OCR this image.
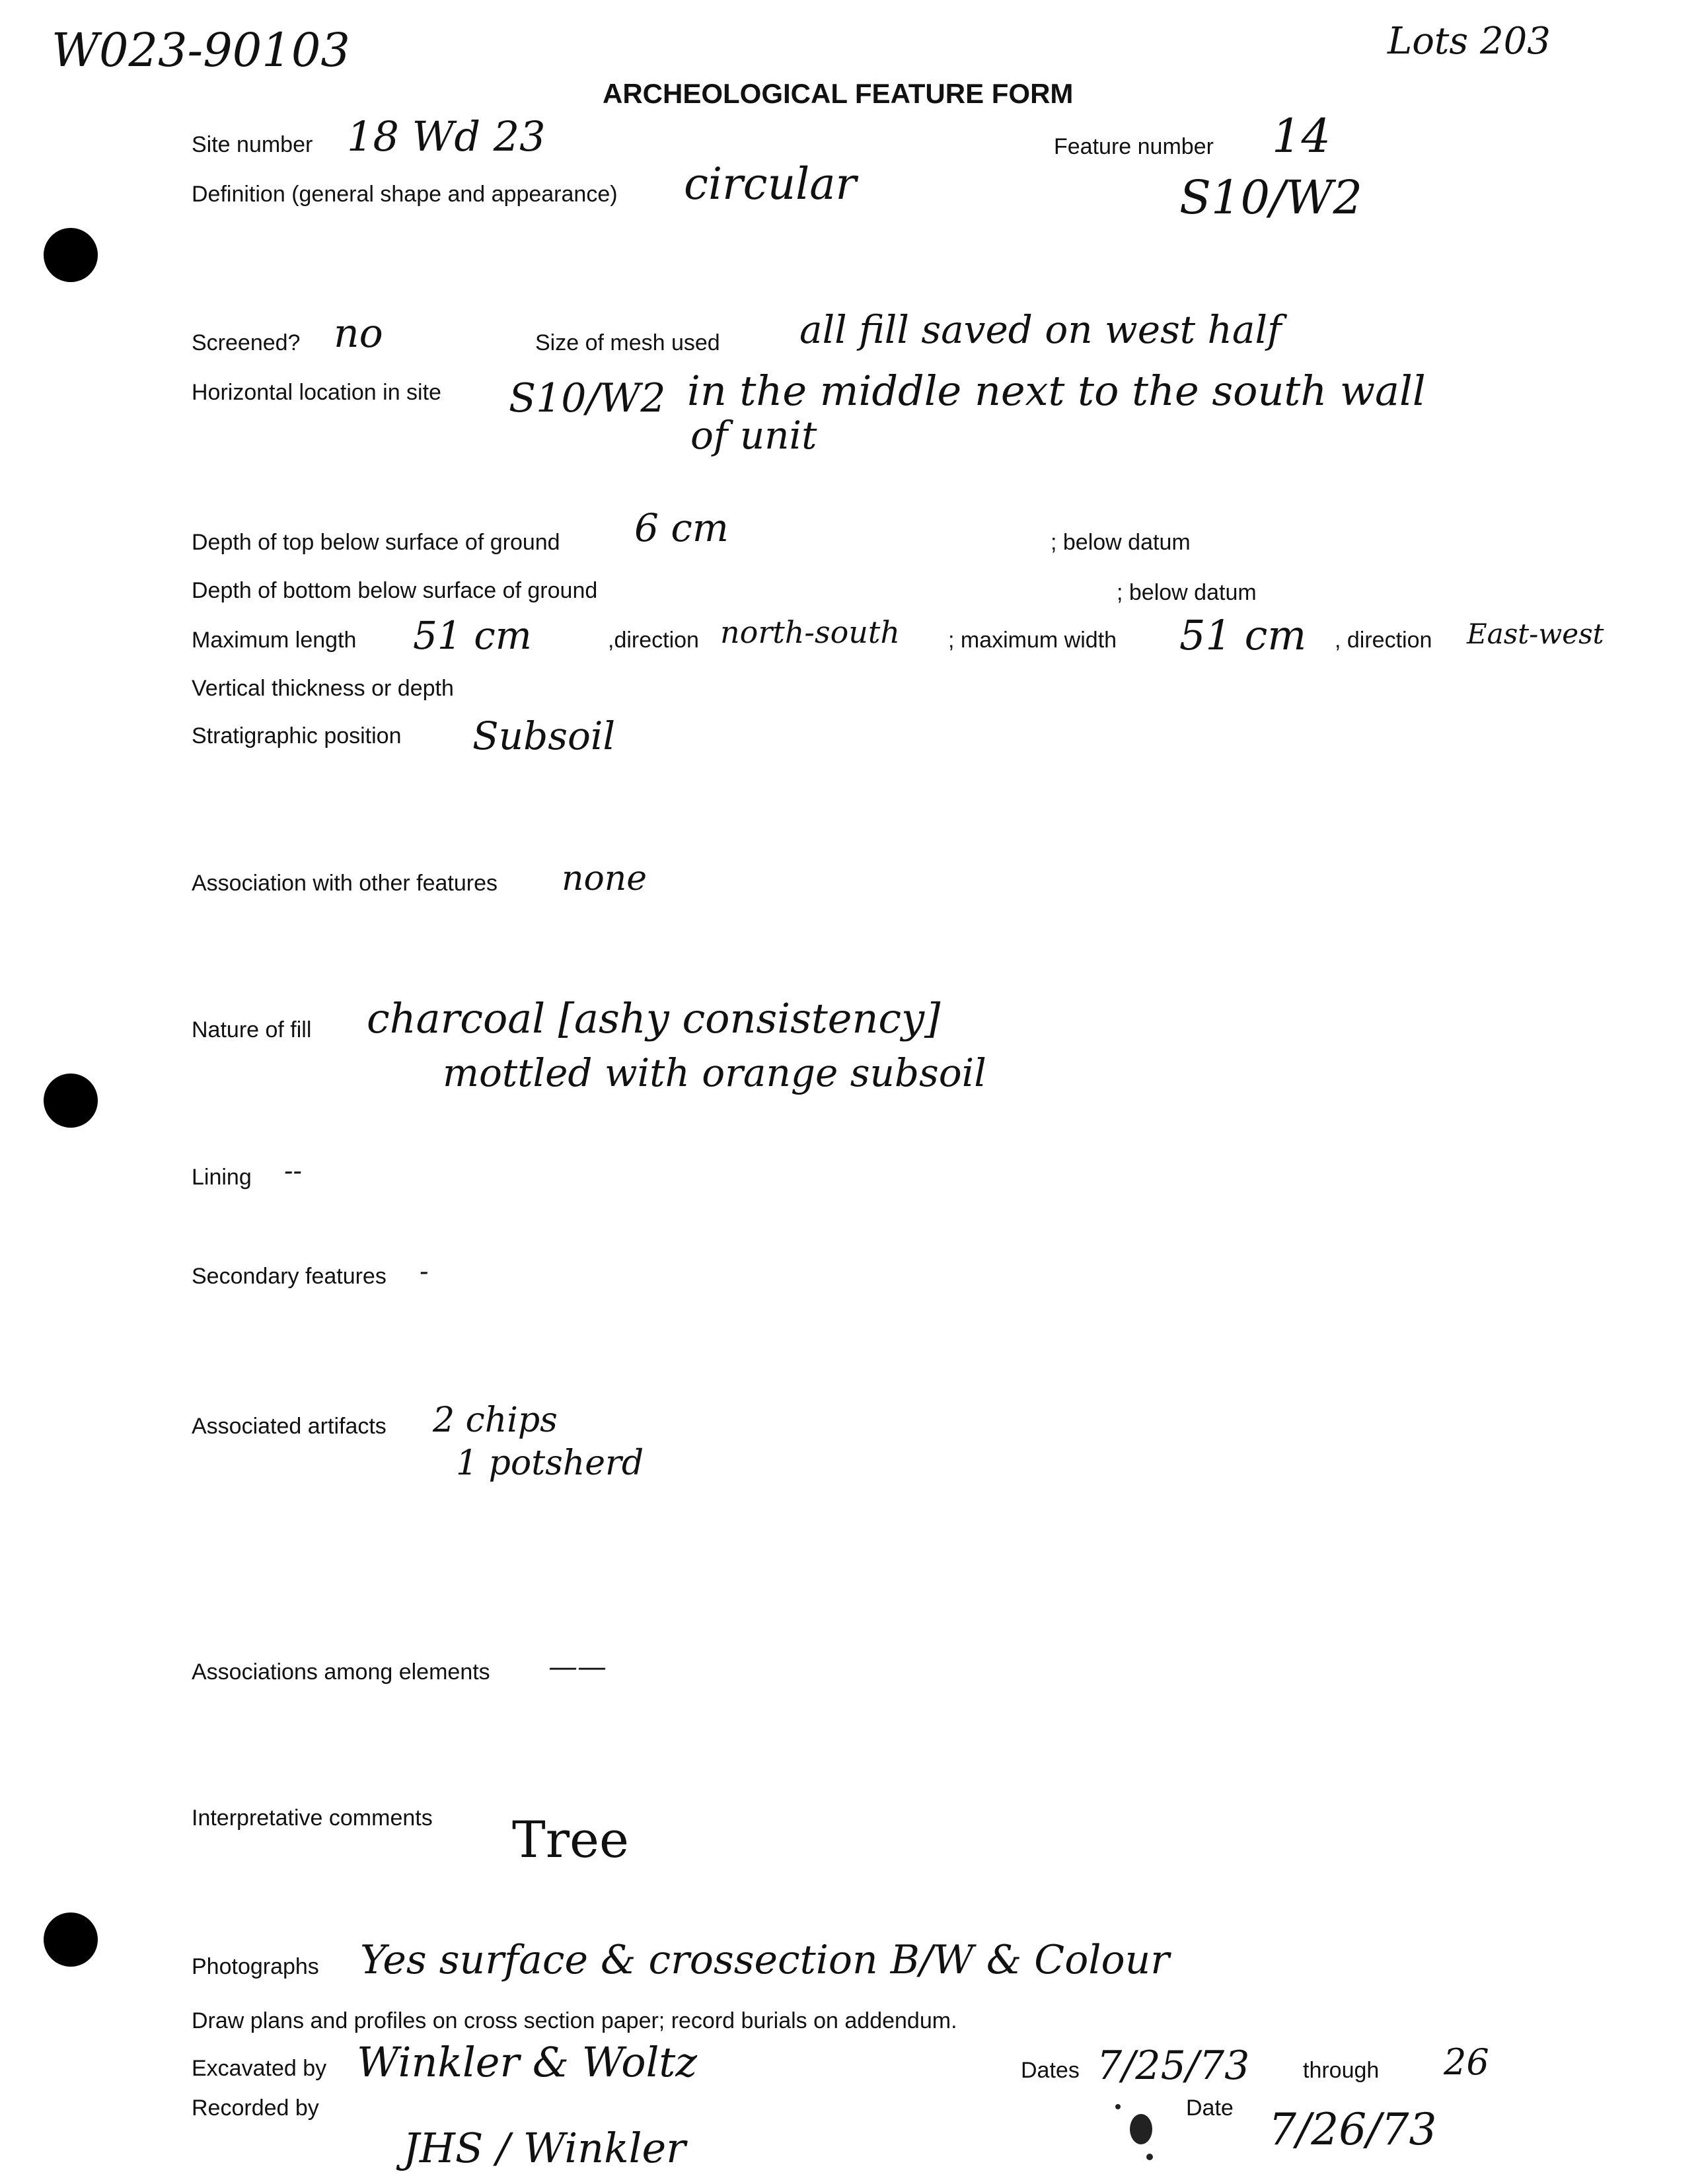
W023-90103	Lots 203
ARCHEOLOGICAL FEATURE FORM
Site number 18 Wd 23	Feature number 14
S10/W2
Definition (general shape and appearance) circular
Screened? no	Size of mesh used all fill saved on west half
Horizontal location in site S10/W2 in the middle next to the south wall
of unit
Depth of top below surface of ground 6 cm	; below datum
Depth of bottom below surface of ground	; below datum
Maximum length 51 cm	,direction north-south ; maximum width 51 cm , direction East-west
Vertical thickness or depth
Stratigraphic position Subsoil
Association with other features none
Nature of fill charcoal [ashy consistency]
mottled with orange subsoil
Lining --
Secondary features -
Associated artifacts 2 chips
1 potsherd
Associations among elements ——
Interpretative comments Tree
Photographs Yes surface & crossection B/W & Colour
Draw plans and profiles on cross section paper; record burials on addendum.
Excavated by Winkler & Woltz	Dates 7/25/73 through 26
Recorded by
JHS / Winkler
Date 7/26/73
